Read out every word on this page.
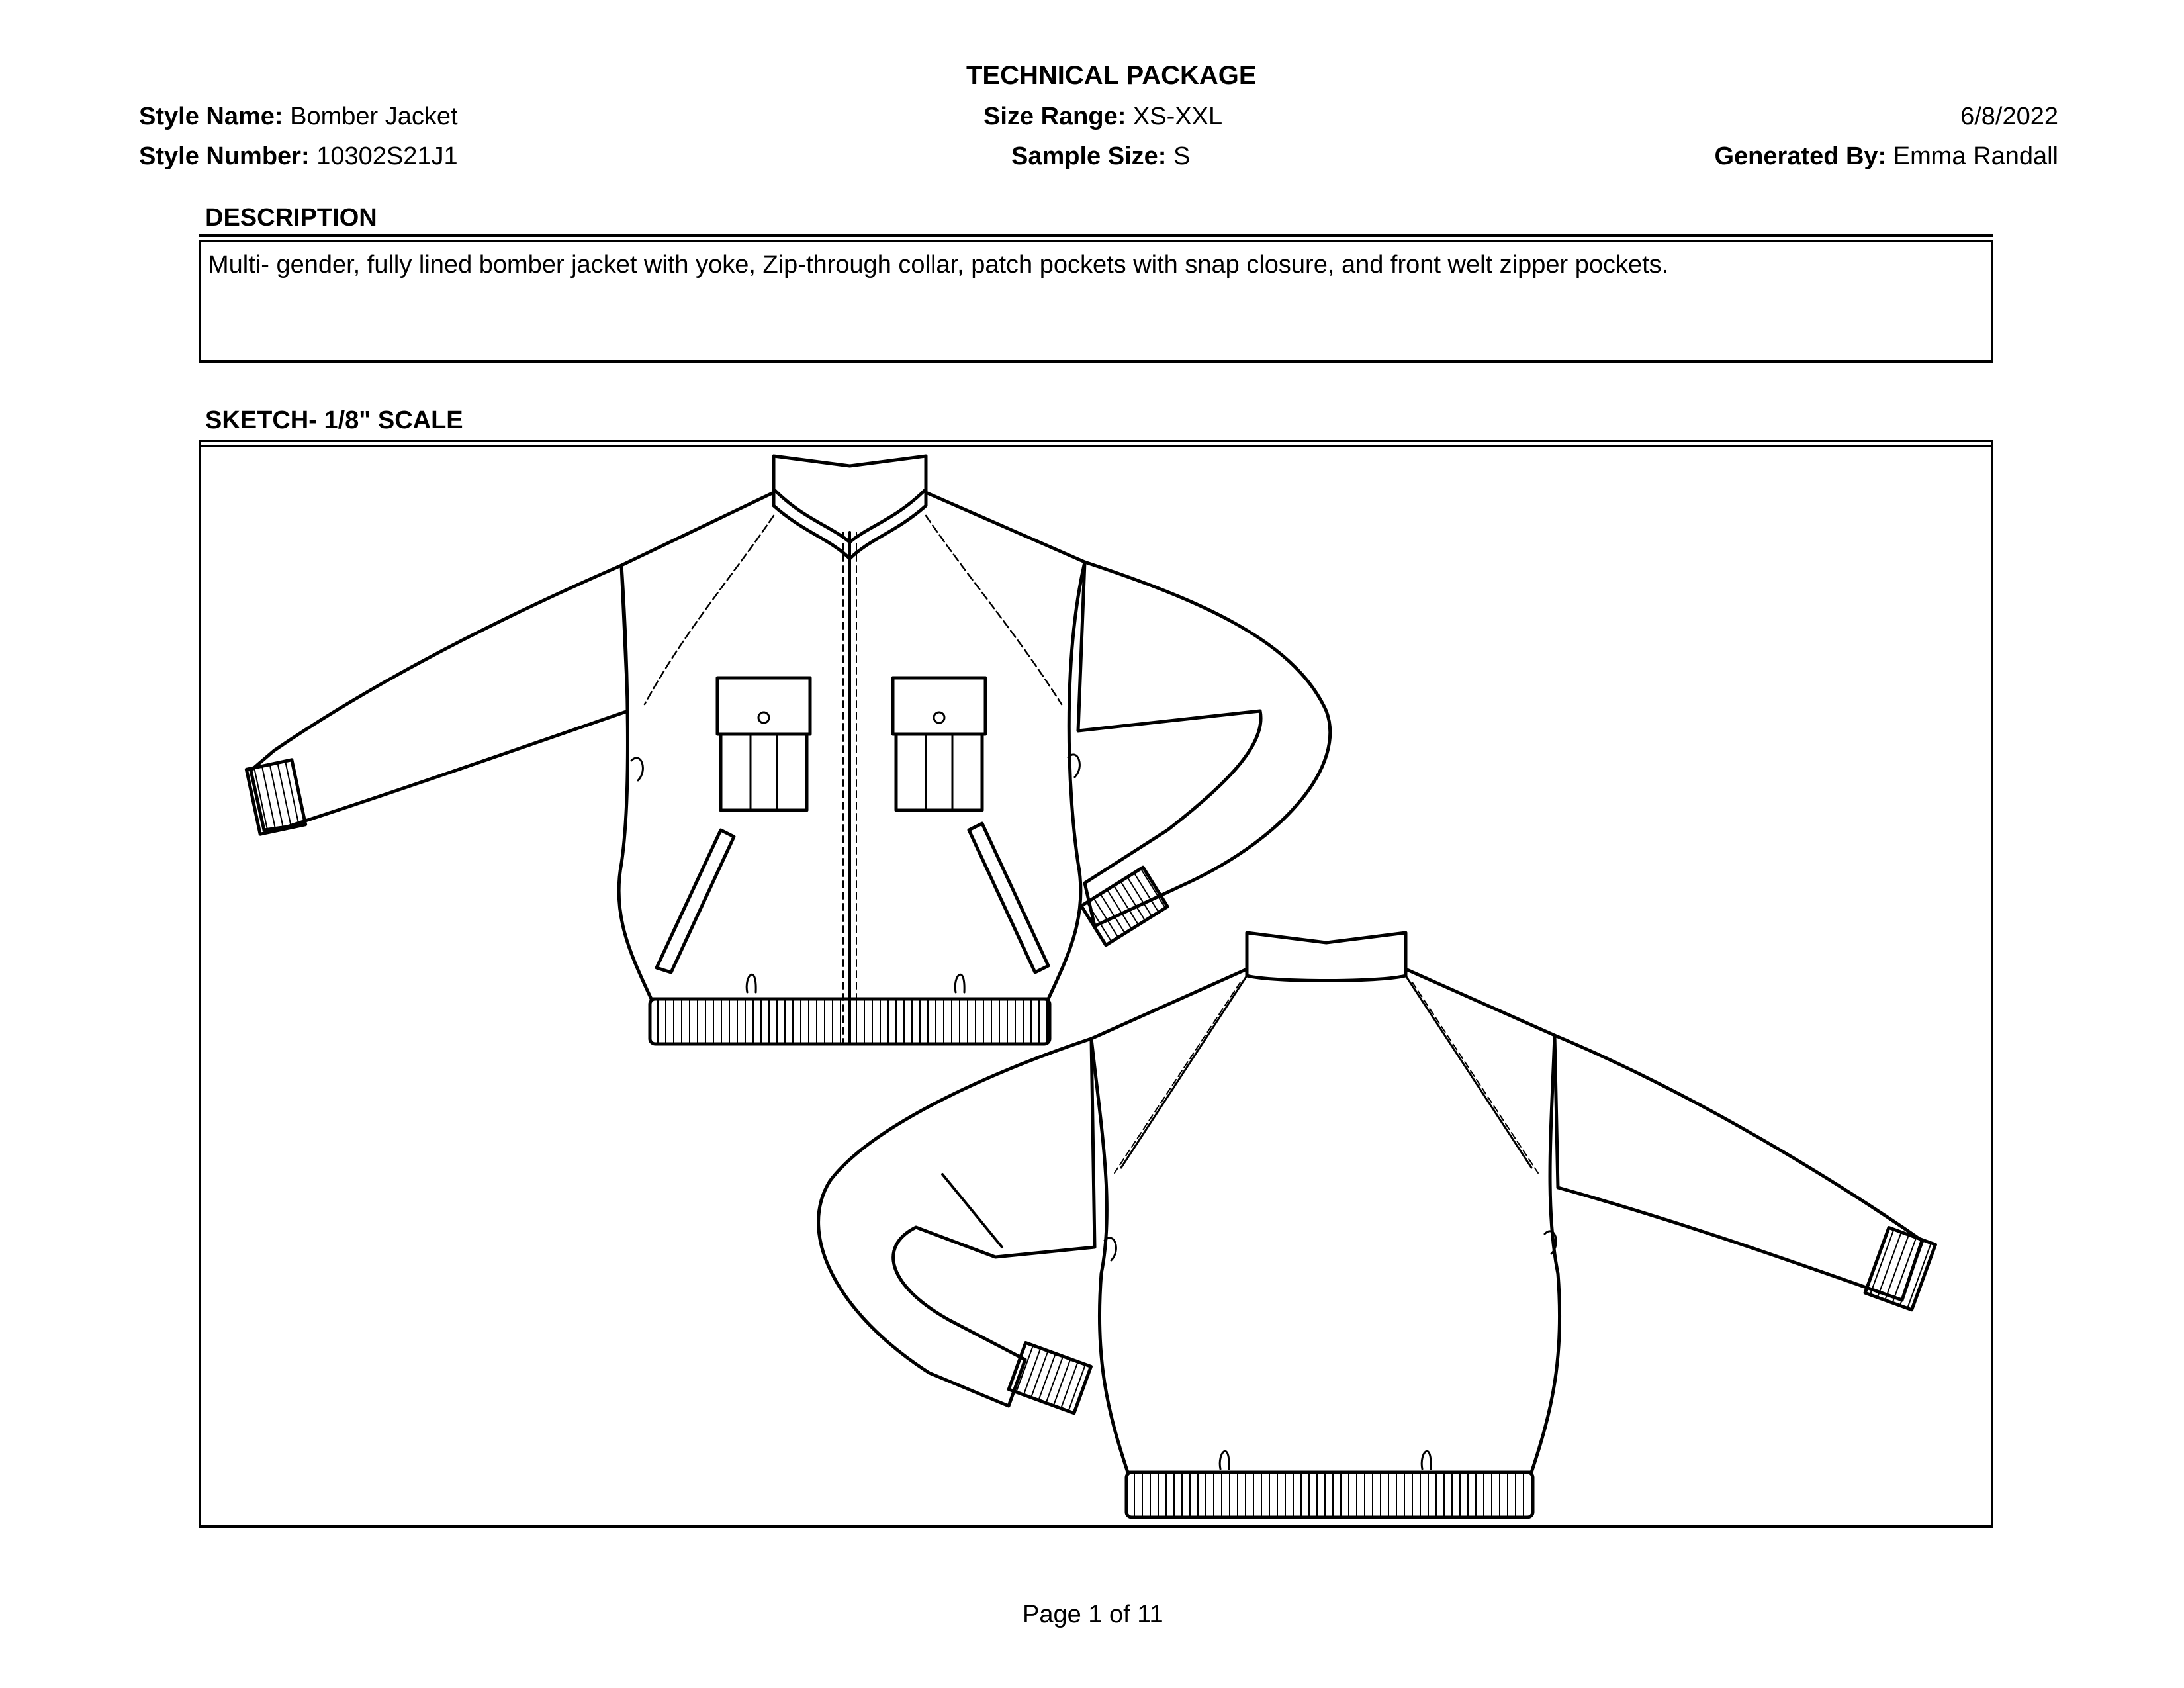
TECHNICAL PACKAGE
Style Name: Bomber Jacket
Style Number: 10302S21J1
Size Range: XS-XXL
Sample Size: S
6/8/2022
Generated By: Emma Randall
DESCRIPTION
Multi- gender, fully lined bomber jacket with yoke, Zip-through collar, patch pockets with snap closure, and front welt zipper pockets.
SKETCH- 1/8" SCALE
Page 1 of 11
